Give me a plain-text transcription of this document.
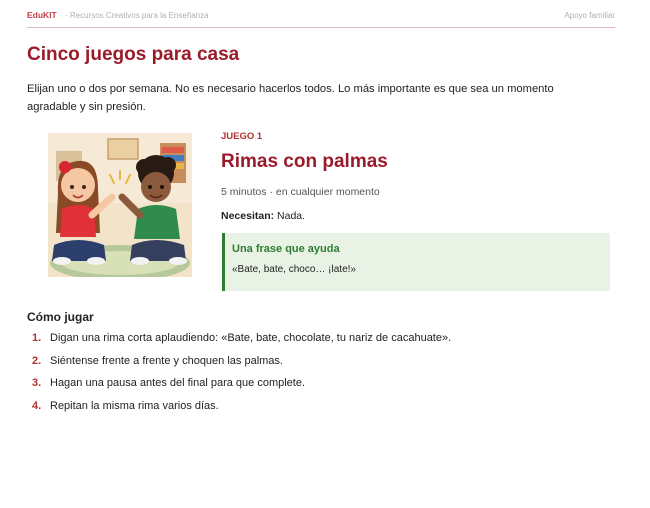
EduKIT · Recursos Creativos para la Enseñanza	Apoyo familiar
Cinco juegos para casa

Elijan uno o dos por semana. No es necesario hacerlos todos. Lo más importante es que sea un momento agradable y sin presión.

JUEGO 1
Rimas con palmas
5 minutos · en cualquier momento
Necesitan: Nada.
Una frase que ayuda
«Bate, bate, choco… ¡late!»
Cómo jugar
1. Digan una rima corta aplaudiendo: «Bate, bate, chocolate, tu nariz de cacahuate».
2. Siéntense frente a frente y choquen las palmas.
3. Hagan una pausa antes del final para que complete.
4. Repitan la misma rima varios días.
